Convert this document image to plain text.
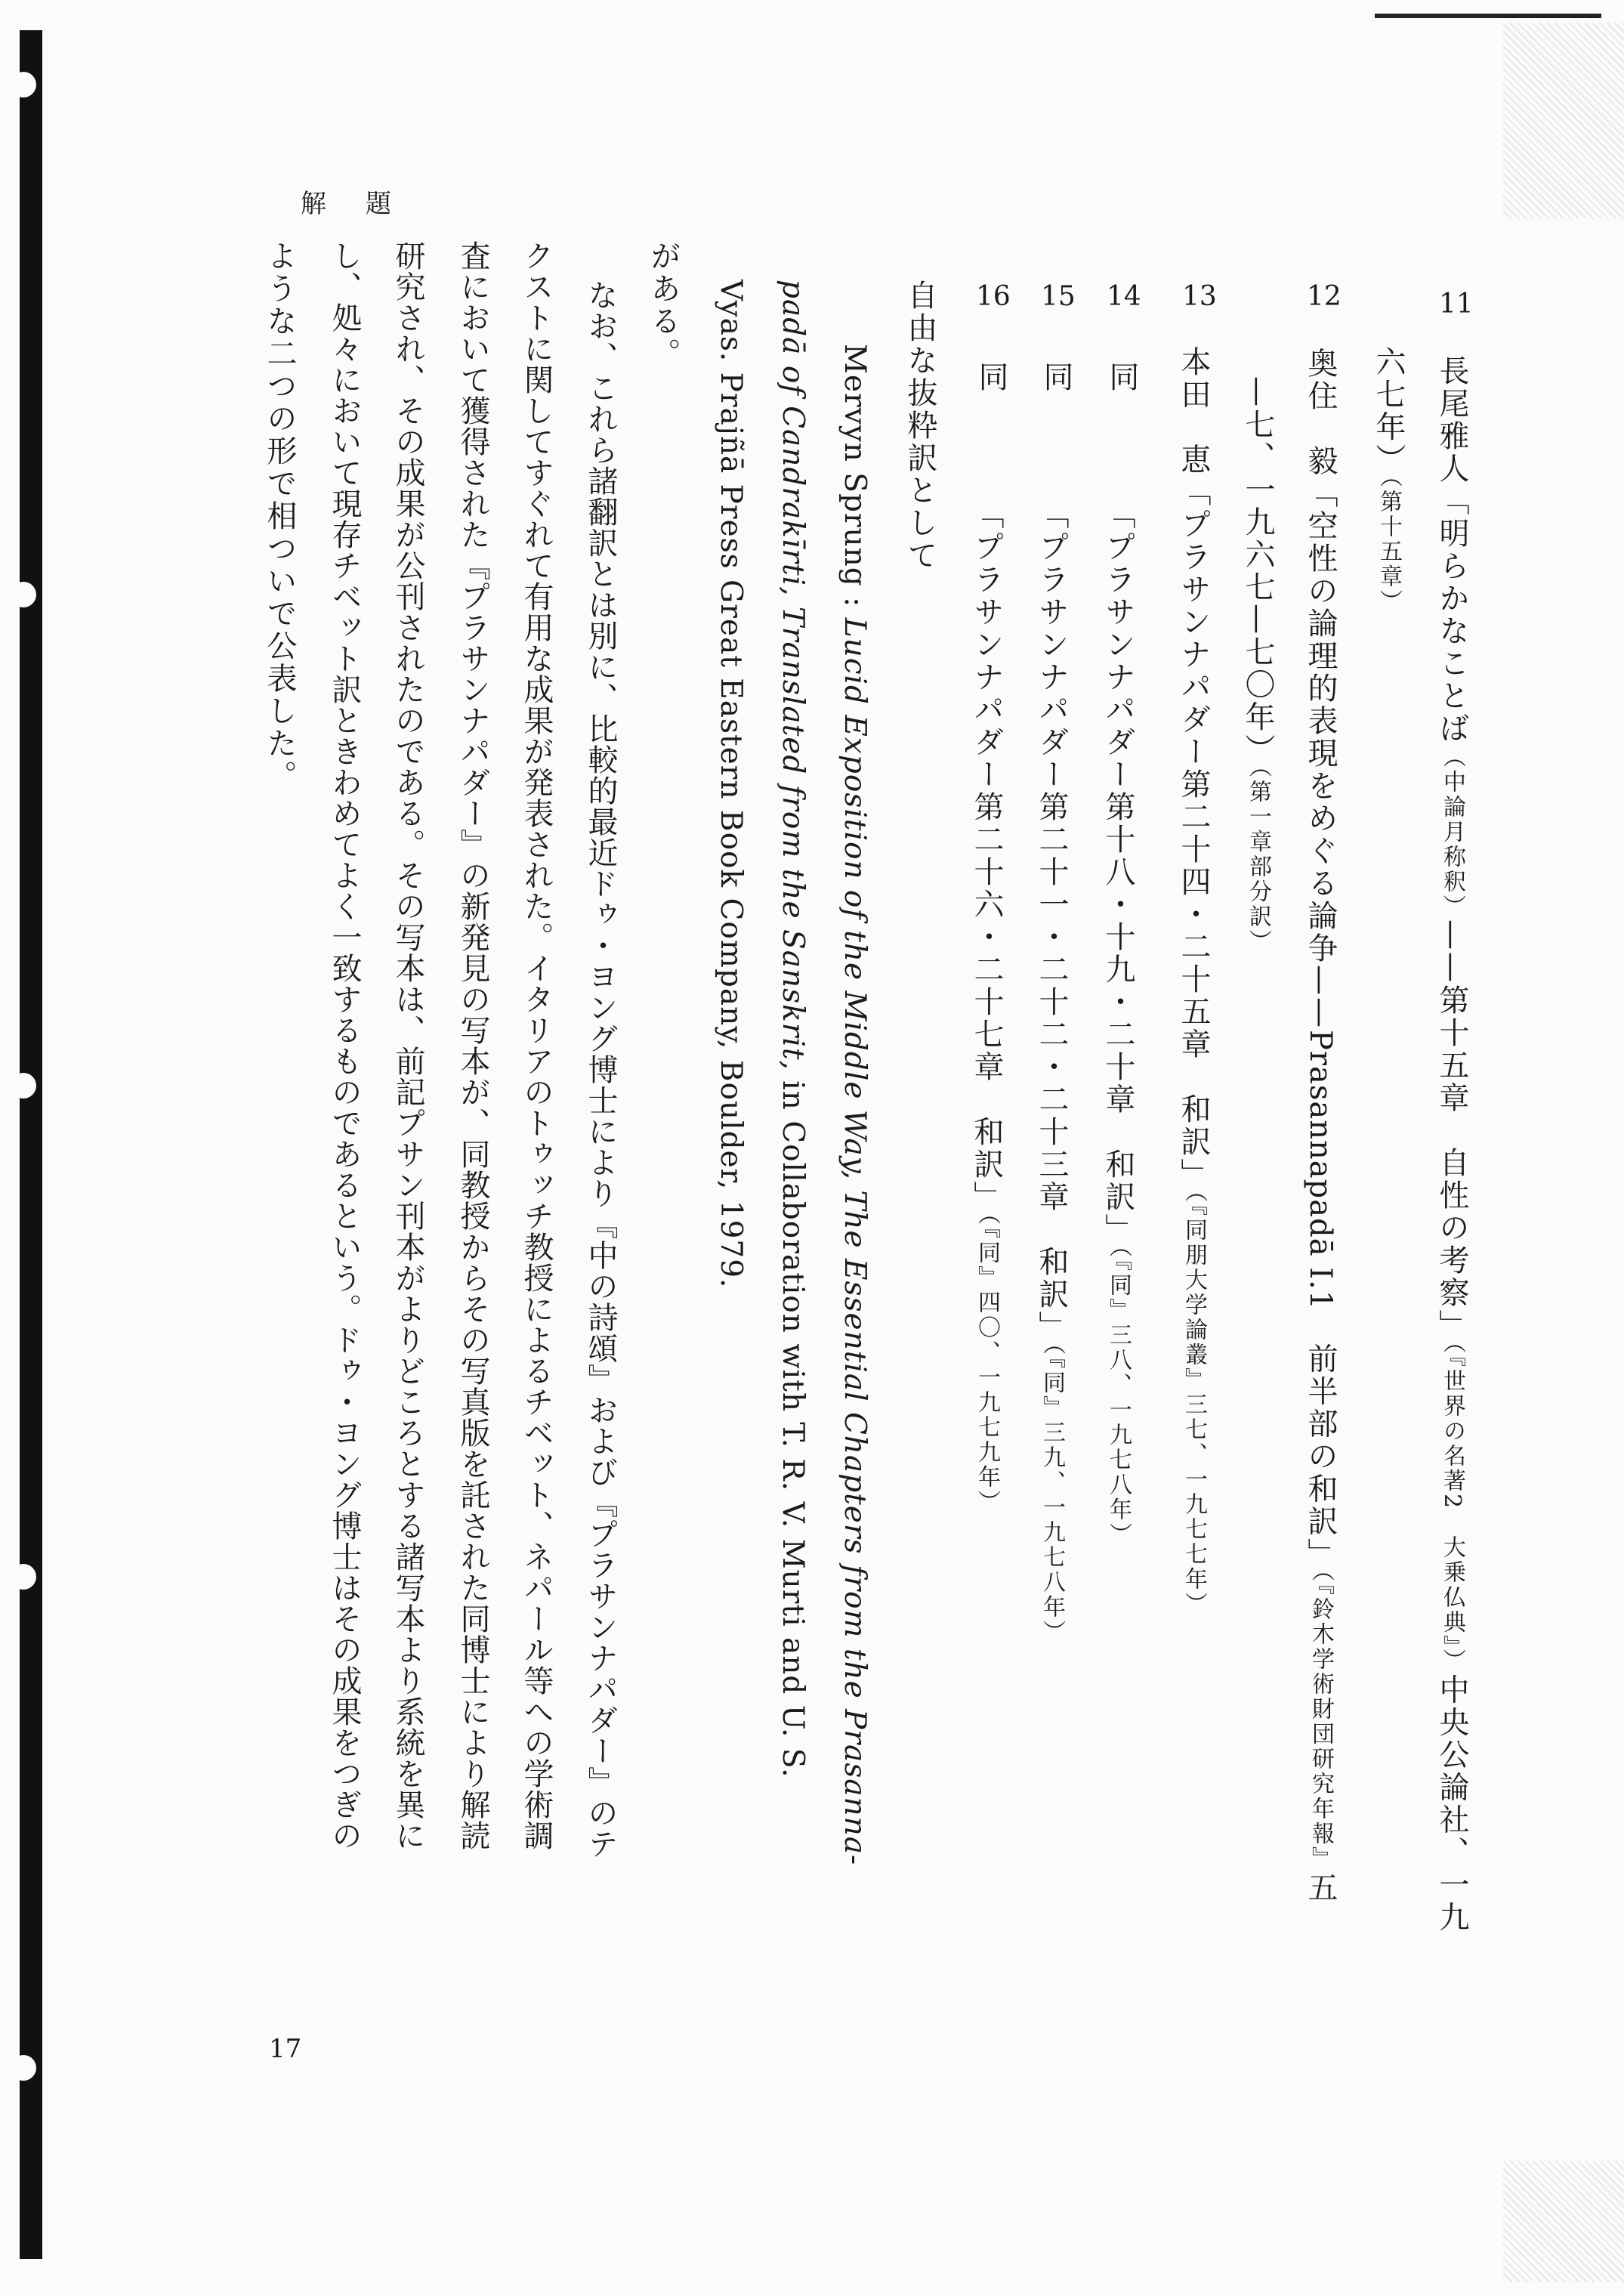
解題
11
長尾雅人「明らかなことば（中論月称釈）——第十五章　自性の考察」（『世界の名著2　大乗仏典』）中央公論社、一九
六七年）（第十五章）
12
奥住　毅「空性の論理的表現をめぐる論争——Prasannapadā I.1　前半部の和訳」（『鈴木学術財団研究年報』五
—七、一九六七—七〇年）（第一章部分訳）
13
本田　恵「プラサンナパダー第二十四・二十五章　和訳」（『同朋大学論叢』三七、一九七七年）
14
同
「プラサンナパダー第十八・十九・二十章　和訳」（『同』三八、一九七八年）
15
同
「プラサンナパダー第二十一・二十二・二十三章　和訳」（『同』三九、一九七八年）
16
同
「プラサンナパダー第二十六・二十七章　和訳」（『同』四〇、一九七九年）
自由な抜粋訳として
Mervyn Sprung : Lucid Exposition of the Middle Way, The Essential Chapters from the Prasanna-
padā of Candrakīrti, Translated from the Sanskrit, in Collaboration with T. R. V. Murti and U. S.
Vyas. Prajñā Press Great Eastern Book Company, Boulder, 1979.
がある。
なお、これら諸翻訳とは別に、比較的最近ドゥ・ヨング博士により『中の詩頌』および『プラサンナパダー』のテ
クストに関してすぐれて有用な成果が発表された。イタリアのトゥッチ教授によるチベット、ネパール等への学術調
査において獲得された『プラサンナパダー』の新発見の写本が、同教授からその写真版を託された同博士により解読
研究され、その成果が公刊されたのである。その写本は、前記プサン刊本がよりどころとする諸写本より系統を異に
し、処々において現存チベット訳ときわめてよく一致するものであるという。ドゥ・ヨング博士はその成果をつぎの
ような二つの形で相ついで公表した。
17
